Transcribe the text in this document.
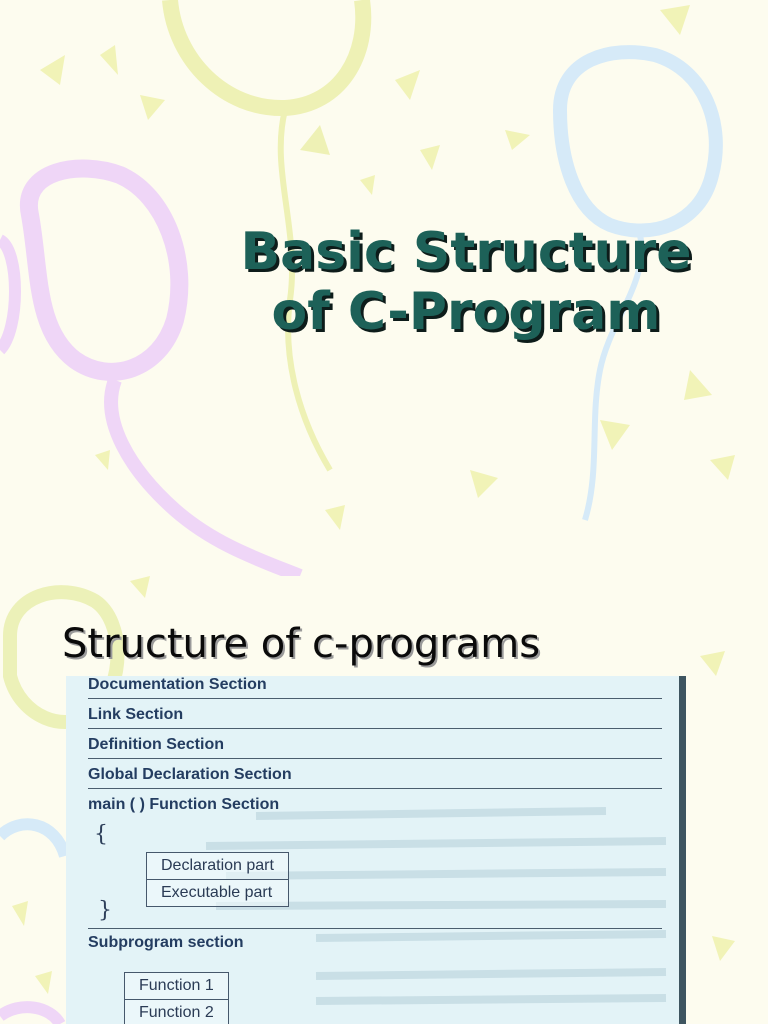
Basic Structure
of C-Program
Structure of c-programs
Documentation Section
Link Section
Definition Section
Global Declaration Section
main ( ) Function Section
{
Declaration part
Executable part
}
Subprogram section
Function 1
Function 2
